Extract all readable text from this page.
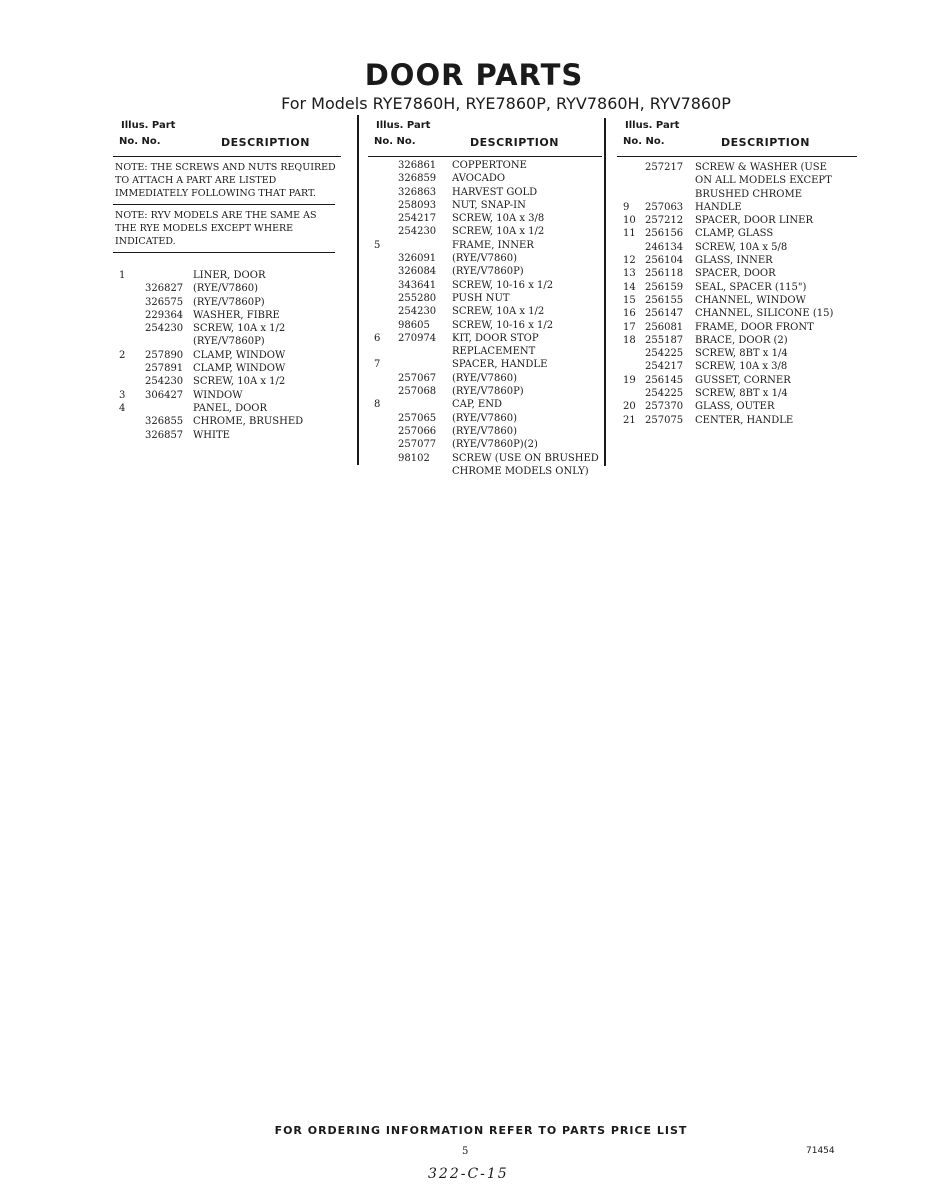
DOOR PARTS
For Models RYE7860H, RYE7860P, RYV7860H, RYV7860P
Illus. Part
No. No.	DESCRIPTION
NOTE: THE SCREWS AND NUTS REQUIRED TO ATTACH A PART ARE LISTED IMMEDIATELY FOLLOWING THAT PART.
NOTE: RYV MODELS ARE THE SAME AS THE RYE MODELS EXCEPT WHERE INDICATED.
1	LINER, DOOR
326827 (RYE/V7860)
326575 (RYE/V7860P)
229364 WASHER, FIBRE
254230 SCREW, 10A x 1/2
(RYE/V7860P)
2 257890 CLAMP, WINDOW
257891 CLAMP, WINDOW
254230 SCREW, 10A x 1/2
3 306427 WINDOW
4	PANEL, DOOR
326855 CHROME, BRUSHED
326857 WHITE
Illus. Part
No. No.	DESCRIPTION
326861 COPPERTONE
326859 AVOCADO
326863 HARVEST GOLD
258093 NUT, SNAP-IN
254217 SCREW, 10A x 3/8
254230 SCREW, 10A x 1/2
5	FRAME, INNER
326091 (RYE/V7860)
326084 (RYE/V7860P)
343641 SCREW, 10-16 x 1/2
255280 PUSH NUT
254230 SCREW, 10A x 1/2
98605 SCREW, 10-16 x 1/2
6 270974 KIT, DOOR STOP
REPLACEMENT
7	SPACER, HANDLE
257067 (RYE/V7860)
257068 (RYE/V7860P)
8	CAP, END
257065 (RYE/V7860)
257066 (RYE/V7860)
257077 (RYE/V7860P)(2)
98102 SCREW (USE ON BRUSHED
CHROME MODELS ONLY)
Illus. Part
No. No.	DESCRIPTION
257217 SCREW & WASHER (USE
ON ALL MODELS EXCEPT
BRUSHED CHROME
9 257063 HANDLE
10 257212 SPACER, DOOR LINER
11 256156 CLAMP, GLASS
246134 SCREW, 10A x 5/8
12 256104 GLASS, INNER
13 256118 SPACER, DOOR
14 256159 SEAL, SPACER (115")
15 256155 CHANNEL, WINDOW
16 256147 CHANNEL, SILICONE (15)
17 256081 FRAME, DOOR FRONT
18 255187 BRACE, DOOR (2)
254225 SCREW, 8BT x 1/4
254217 SCREW, 10A x 3/8
19 256145 GUSSET, CORNER
254225 SCREW, 8BT x 1/4
20 257370 GLASS, OUTER
21 257075 CENTER, HANDLE
FOR ORDERING INFORMATION REFER TO PARTS PRICE LIST
5	71454
322-C-15
